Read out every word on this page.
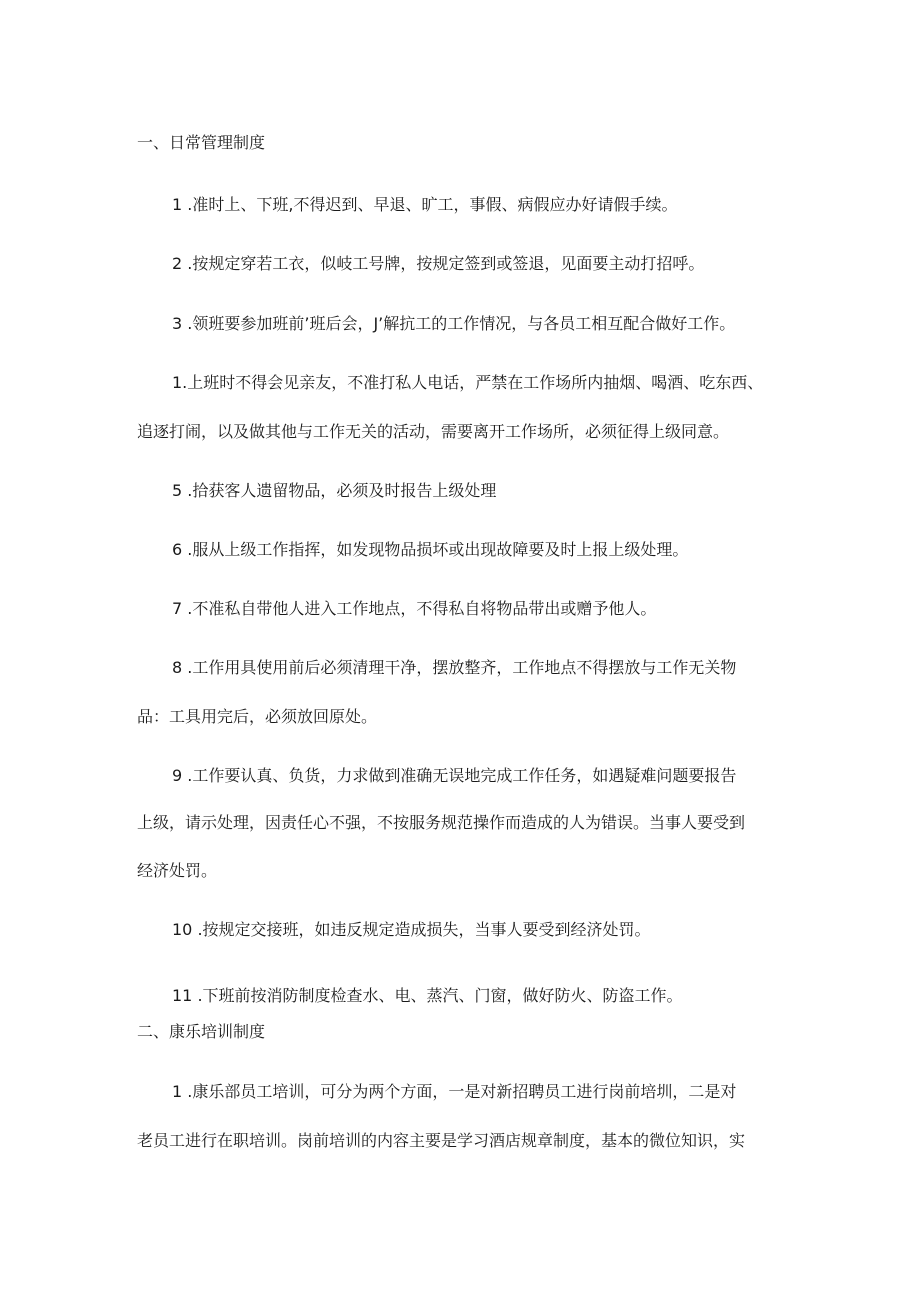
一、日常管理制度
1 .准时上、下班,不得迟到、早退、旷工，事假、病假应办好请假手续。
2 .按规定穿若工衣，似岐工号牌，按规定签到或签退，见面要主动打招呼。
3 .领班要参加班前’班后会，J’解抗工的工作情况，与各员工相互配合做好工作。
1.上班时不得会见亲友，不准打私人电话，严禁在工作场所内抽烟、喝酒、吃东西、
追逐打闹，以及做其他与工作无关的活动，需要离开工作场所，必须征得上级同意。
5 .拾获客人遗留物品，必须及时报告上级处理
6 .服从上级工作指挥，如发现物品损坏或出现故障要及时上报上级处理。
7 .不准私自带他人进入工作地点，不得私自将物品带出或赠予他人。
8 .工作用具使用前后必须清理干净，摆放整齐，工作地点不得摆放与工作无关物
品：工具用完后，必须放回原处。
9 .工作要认真、负货，力求做到准确无误地完成工作任务，如遇疑难问题要报告
上级，请示处理，因责任心不强，不按服务规范操作而造成的人为错误。当事人要受到
经济处罚。
10 .按规定交接班，如违反规定造成损失，当事人要受到经济处罚。
11 .下班前按消防制度检查水、电、蒸汽、门窗，做好防火、防盗工作。
二、康乐培训制度
1 .康乐部员工培训，可分为两个方面，一是对新招聘员工进行岗前培圳，二是对
老员工进行在职培训。岗前培训的内容主要是学习酒店规章制度，基本的微位知识，实
